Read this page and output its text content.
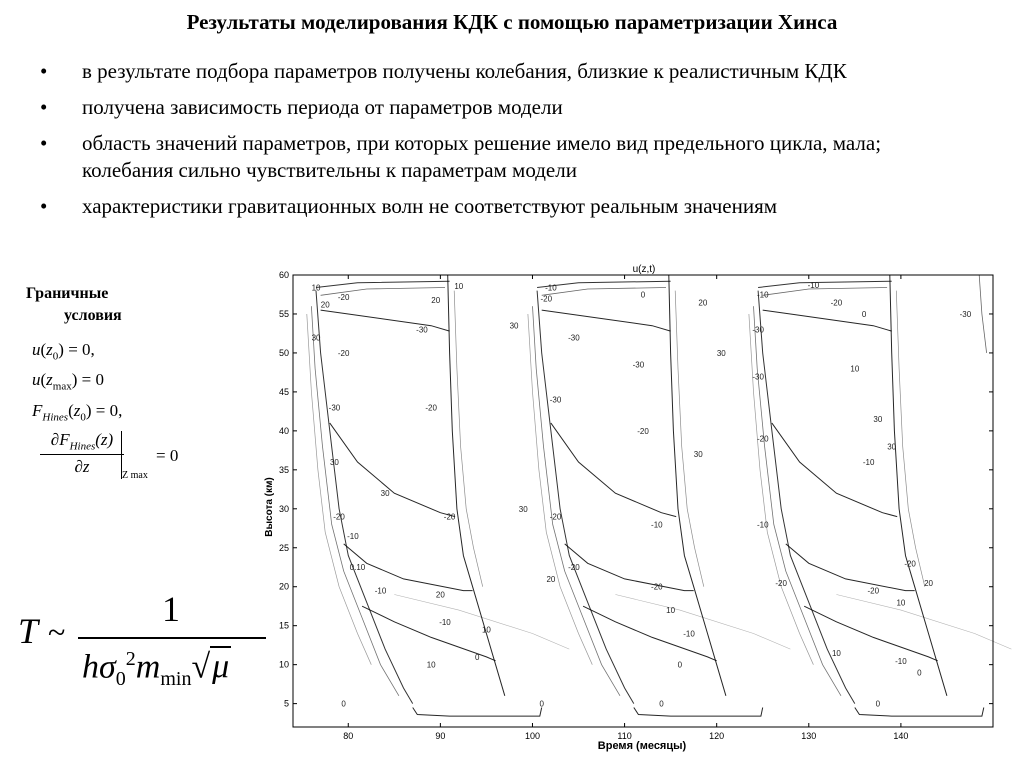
Результаты моделирования КДК с помощью параметризации Хинса
• в результате подбора параметров получены колебания, близкие к реалистичным КДК
• получена зависимость периода от параметров модели
• область значений параметров, при которых решение имело вид предельного цикла, мала; колебания сильно чувствительны к параметрам модели
• характеристики гравитационных волн не соответствуют реальным значениям
Граничные
условия
$u(z_0) = 0$,
$u(z_{max}) = 0$
$F_{Hines}(z_0) = 0$,
$\partial F_{Hines}(z)$
∂z	Z max
= 0
T ~
1
$h\sigma_0^2m_{min}√\mu$
80	90	100	110	120	130	140
5
10
15
20
25
30
35
40
45
50
55
60
10
20
30
-20
-20
-30
30
-20
-10
0.10
-10
30
-30
-20
-20
20
10
20
-10
10
0
30
30
10
0
-10
-20
-30
-30
-20
-20
20
0
0
-30
-20
-10
-20
10
20
30
30
-10
0
0
-10
-30
-30
-20
-10
-20
-20
-10
0
10
30
-10
30
-20
10
-20
20
-10
0
10
0
-30
u(z,t)
Время (месяцы)
Высота (км)
